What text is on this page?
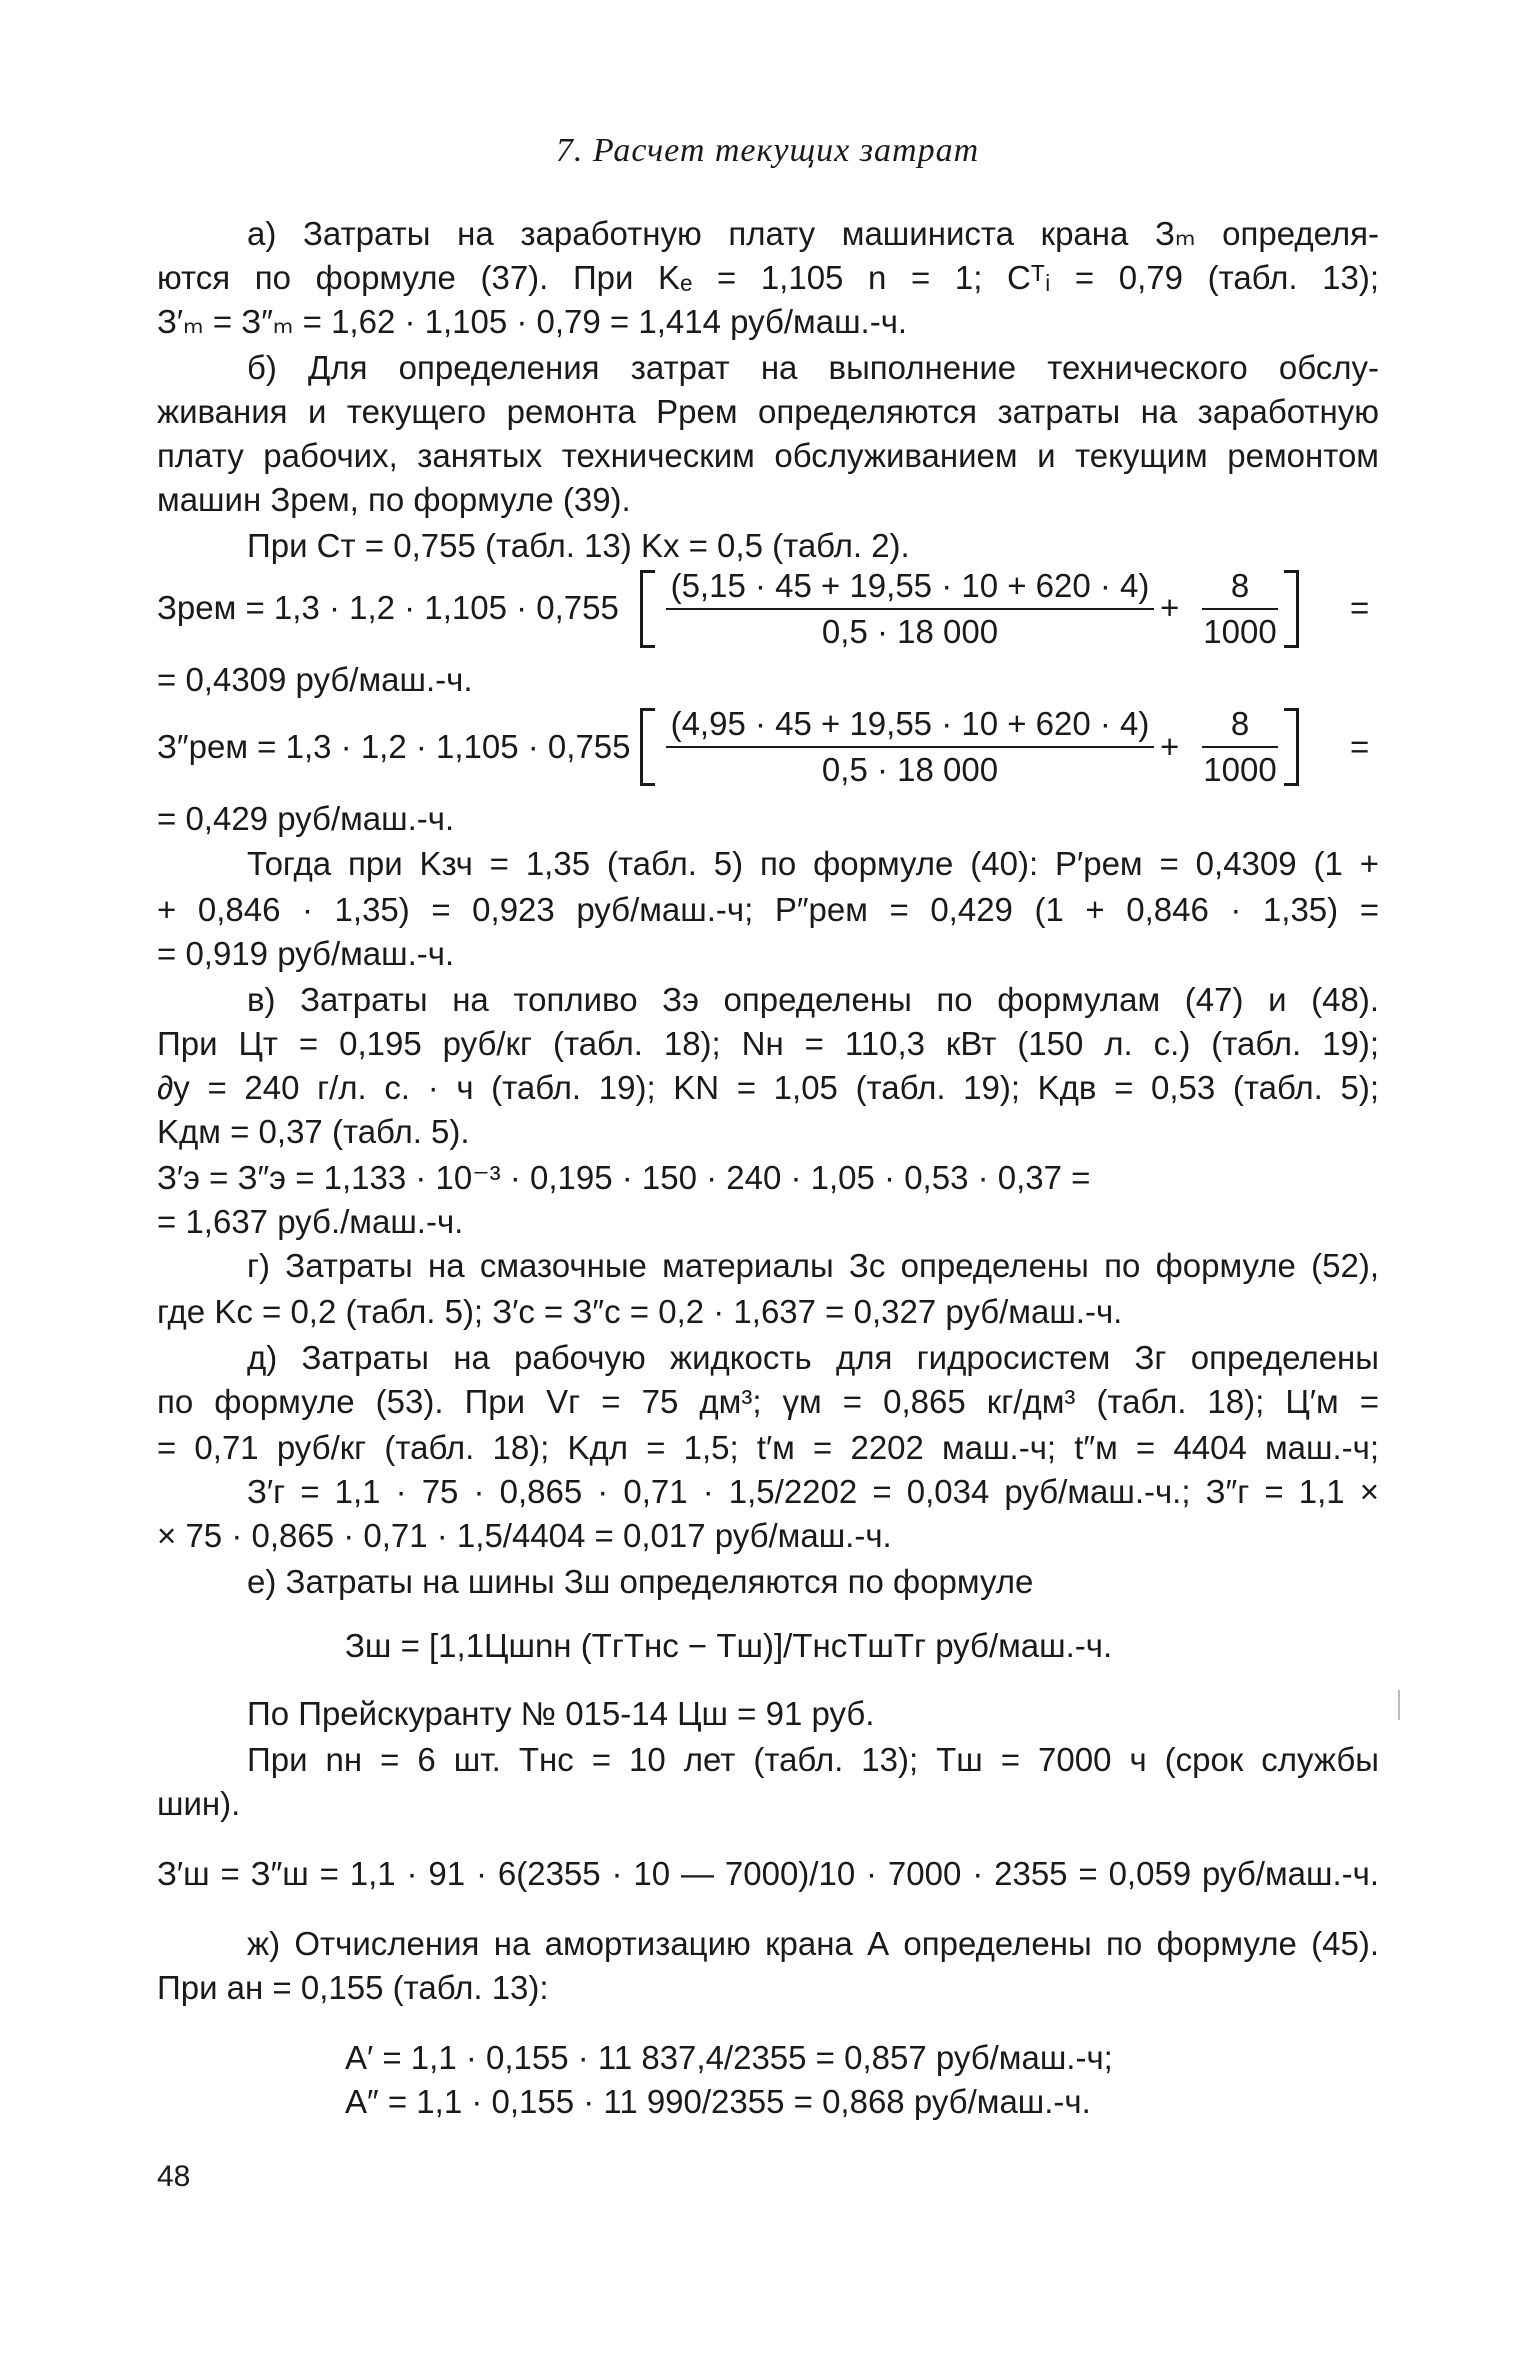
7. Расчет текущих затрат
а) Затраты на заработную плату машиниста крана Зₘ определя-
ются по формуле (37). При Kₑ = 1,105 n = 1; Cᵀᵢ = 0,79 (табл. 13);
З′ₘ = З″ₘ = 1,62 · 1,105 · 0,79 = 1,414 руб/маш.-ч.
б) Для определения затрат на выполнение технического обслу-
живания и текущего ремонта Pрем определяются затраты на заработную
плату рабочих, занятых техническим обслуживанием и текущим ремонтом
машин Зрем, по формуле (39).
При Cт = 0,755 (табл. 13) Kх = 0,5 (табл. 2).
Зрем = 1,3 · 1,2 · 1,105 · 0,755
(5,15 · 45 + 19,55 · 10 + 620 · 4)
0,5 · 18 000
+
8
1000
=
= 0,4309 руб/маш.-ч.
З″рем = 1,3 · 1,2 · 1,105 · 0,755
(4,95 · 45 + 19,55 · 10 + 620 · 4)
0,5 · 18 000
+
8
1000
=
= 0,429 руб/маш.-ч.
Тогда при Kзч = 1,35 (табл. 5) по формуле (40): P′рем = 0,4309 (1 +
+ 0,846 · 1,35) = 0,923 руб/маш.-ч; P″рем = 0,429 (1 + 0,846 · 1,35) =
= 0,919 руб/маш.-ч.
в) Затраты на топливо Зэ определены по формулам (47) и (48).
При Цт = 0,195 руб/кг (табл. 18); Nн = 110,3 кВт (150 л. с.) (табл. 19);
∂у = 240 г/л. с. · ч (табл. 19); KN = 1,05 (табл. 19); Kдв = 0,53 (табл. 5);
Kдм = 0,37 (табл. 5).
З′э = З″э = 1,133 · 10⁻³ · 0,195 · 150 · 240 · 1,05 · 0,53 · 0,37 =
= 1,637 руб./маш.-ч.
г) Затраты на смазочные материалы Зс определены по формуле (52),
где Kс = 0,2 (табл. 5); З′с = З″с = 0,2 · 1,637 = 0,327 руб/маш.-ч.
д) Затраты на рабочую жидкость для гидросистем Зг определены
по формуле (53). При Vг = 75 дм³; γм = 0,865 кг/дм³ (табл. 18); Ц′м =
= 0,71 руб/кг (табл. 18); Kдл = 1,5; t′м = 2202 маш.-ч; t″м = 4404 маш.-ч;
З′г = 1,1 · 75 · 0,865 · 0,71 · 1,5/2202 = 0,034 руб/маш.-ч.; З″г = 1,1 ×
× 75 · 0,865 · 0,71 · 1,5/4404 = 0,017 руб/маш.-ч.
е) Затраты на шины Зш определяются по формуле
Зш = [1,1Цшnн (TгTнс − Tш)]/TнсTшTг руб/маш.-ч.
По Прейскуранту № 015-14 Цш = 91 руб.
При nн = 6 шт. Tнс = 10 лет (табл. 13); Tш = 7000 ч (срок службы
шин).
З′ш = З″ш = 1,1 · 91 · 6(2355 · 10 — 7000)/10 · 7000 · 2355 = 0,059 руб/маш.-ч.
ж) Отчисления на амортизацию крана А определены по формуле (45).
При aн = 0,155 (табл. 13):
A′ = 1,1 · 0,155 · 11 837,4/2355 = 0,857 руб/маш.-ч;
A″ = 1,1 · 0,155 · 11 990/2355 = 0,868 руб/маш.-ч.
48
